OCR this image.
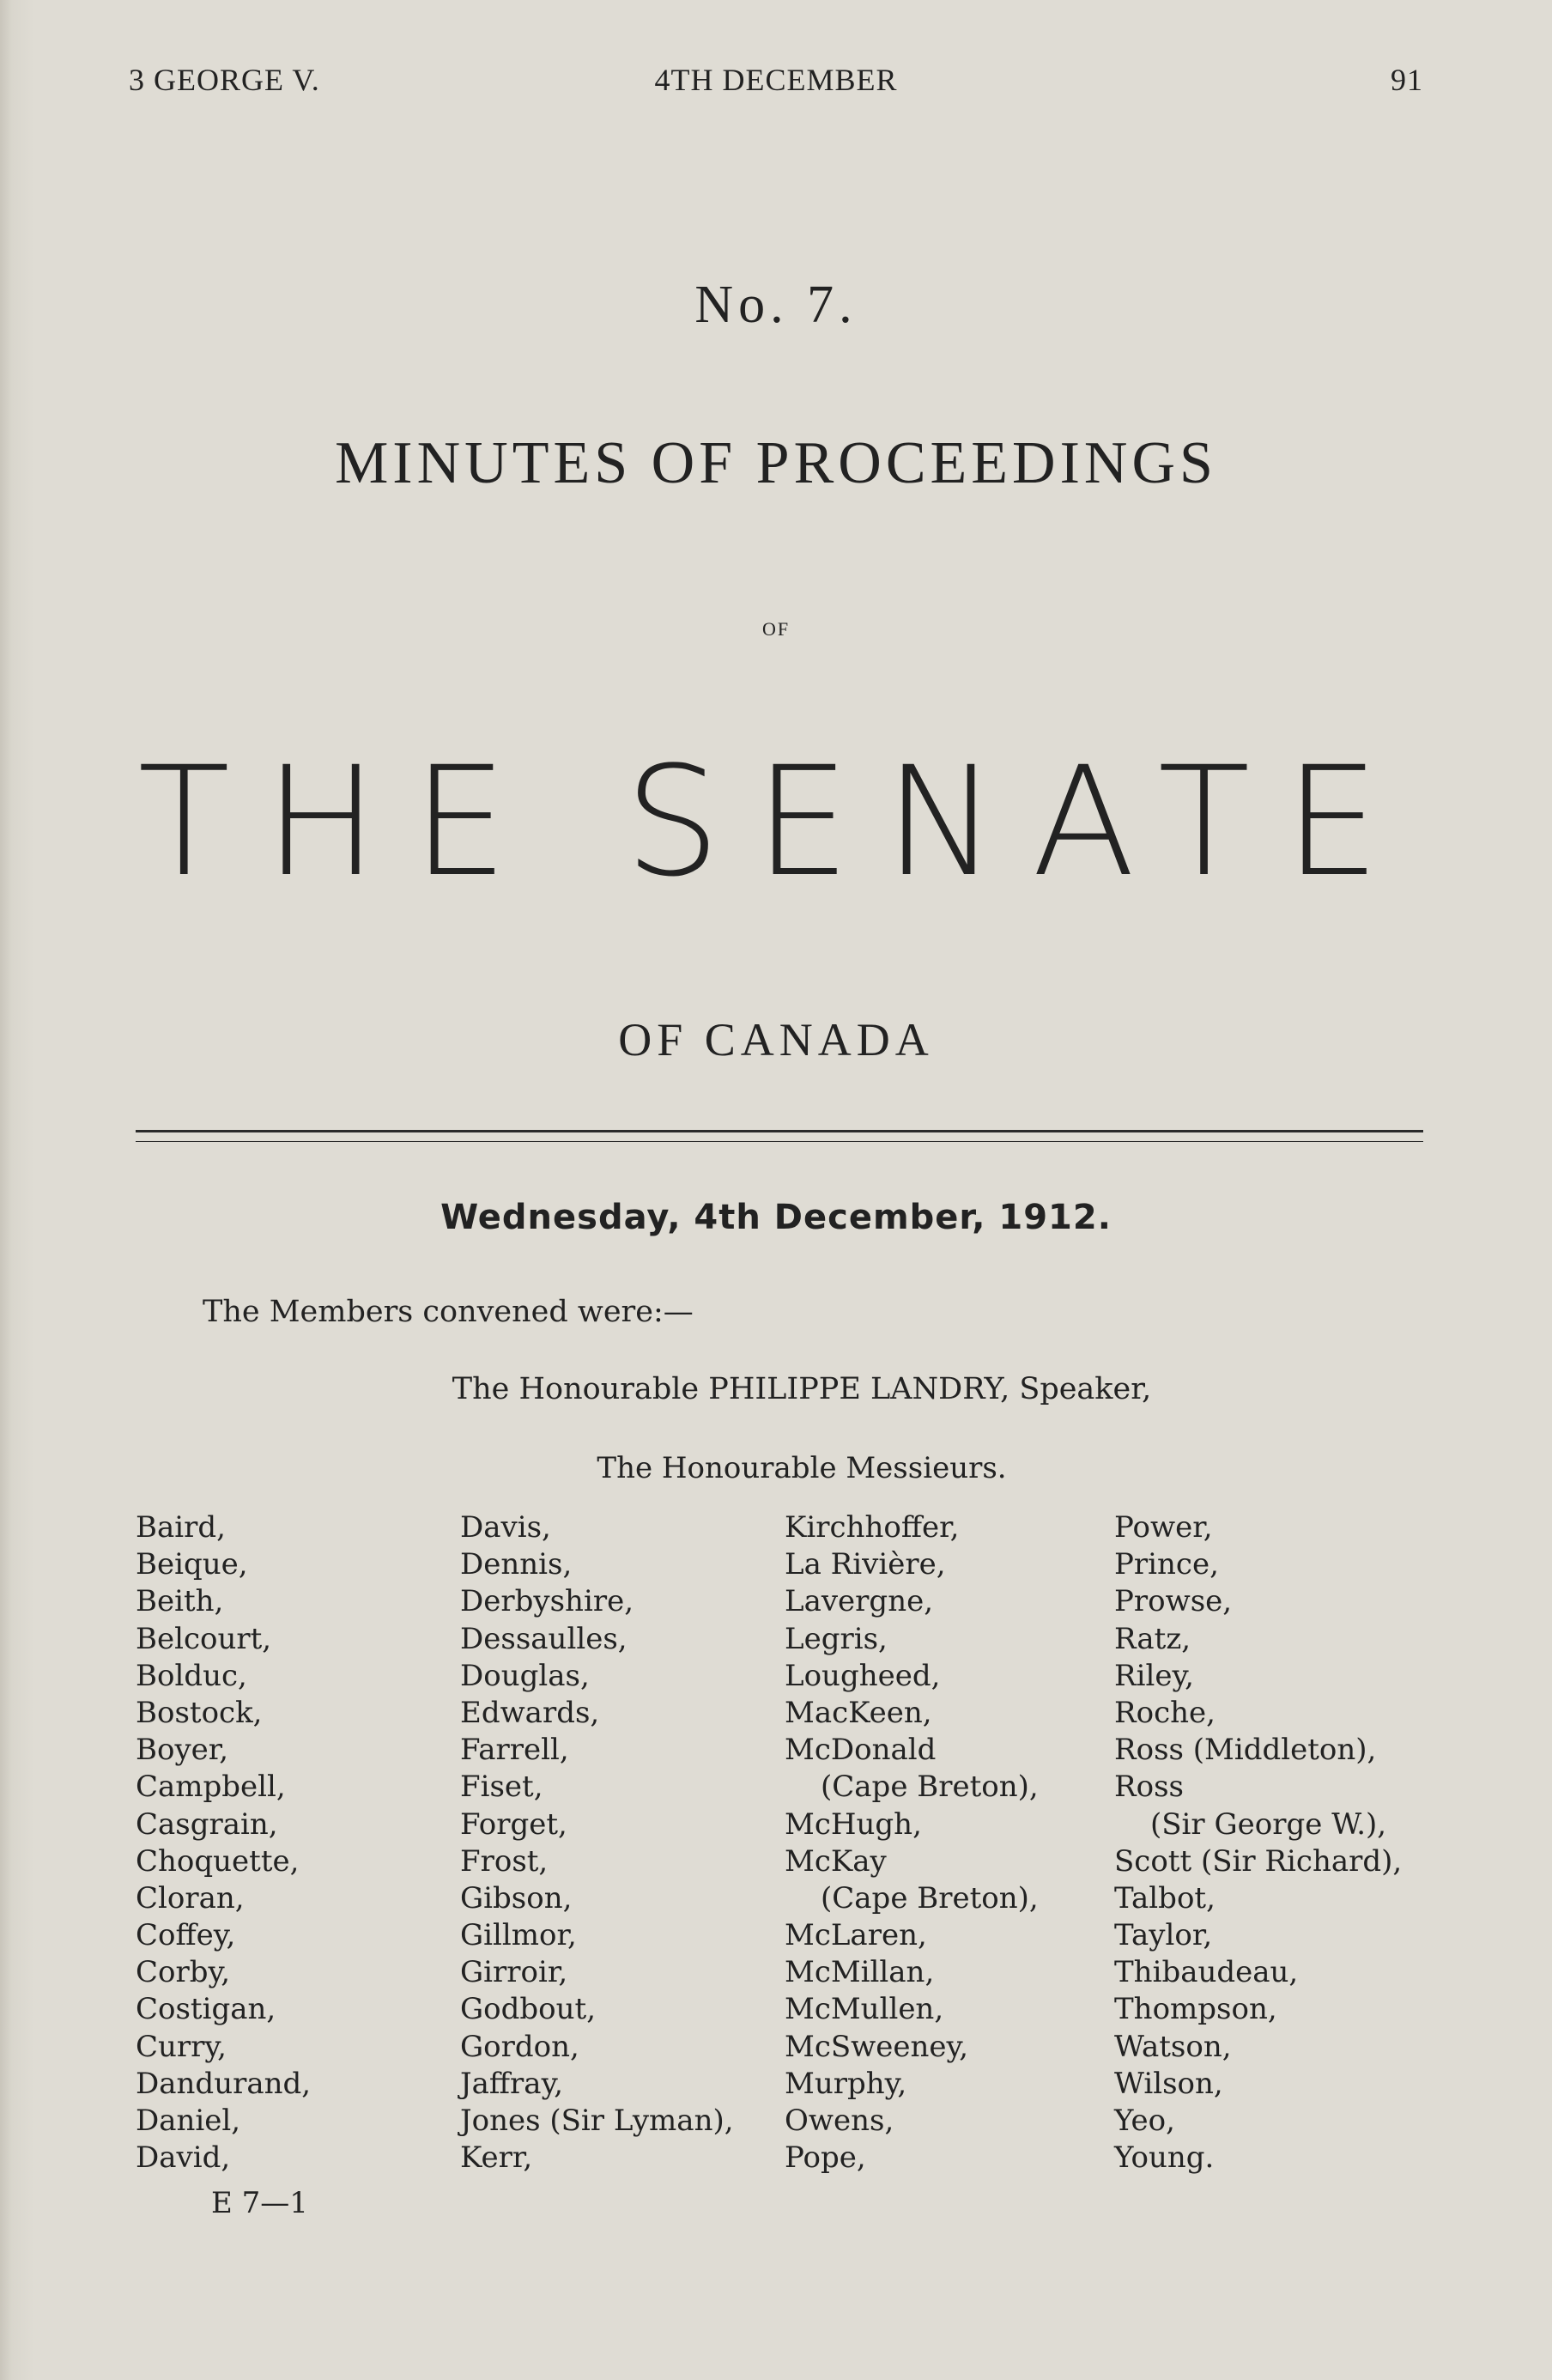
3 GEORGE V.	4TH DECEMBER	91
No. 7.
MINUTES OF PROCEEDINGS
OF
THE SENATE
OF CANADA
Wednesday, 4th December, 1912.
The Members convened were:—
The Honourable PHILIPPE LANDRY, Speaker,
The Honourable Messieurs.
Baird,
Beique,
Beith,
Belcourt,
Bolduc,
Bostock,
Boyer,
Campbell,
Casgrain,
Choquette,
Cloran,
Coffey,
Corby,
Costigan,
Curry,
Dandurand,
Daniel,
David,
Davis,
Dennis,
Derbyshire,
Dessaulles,
Douglas,
Edwards,
Farrell,
Fiset,
Forget,
Frost,
Gibson,
Gillmor,
Girroir,
Godbout,
Gordon,
Jaffray,
Jones (Sir Lyman),
Kerr,
Kirchhoffer,
La Rivière,
Lavergne,
Legris,
Lougheed,
MacKeen,
McDonald
(Cape Breton),
McHugh,
McKay
(Cape Breton),
McLaren,
McMillan,
McMullen,
McSweeney,
Murphy,
Owens,
Pope,
Power,
Prince,
Prowse,
Ratz,
Riley,
Roche,
Ross (Middleton),
Ross
(Sir George W.),
Scott (Sir Richard),
Talbot,
Taylor,
Thibaudeau,
Thompson,
Watson,
Wilson,
Yeo,
Young.
E 7—1
